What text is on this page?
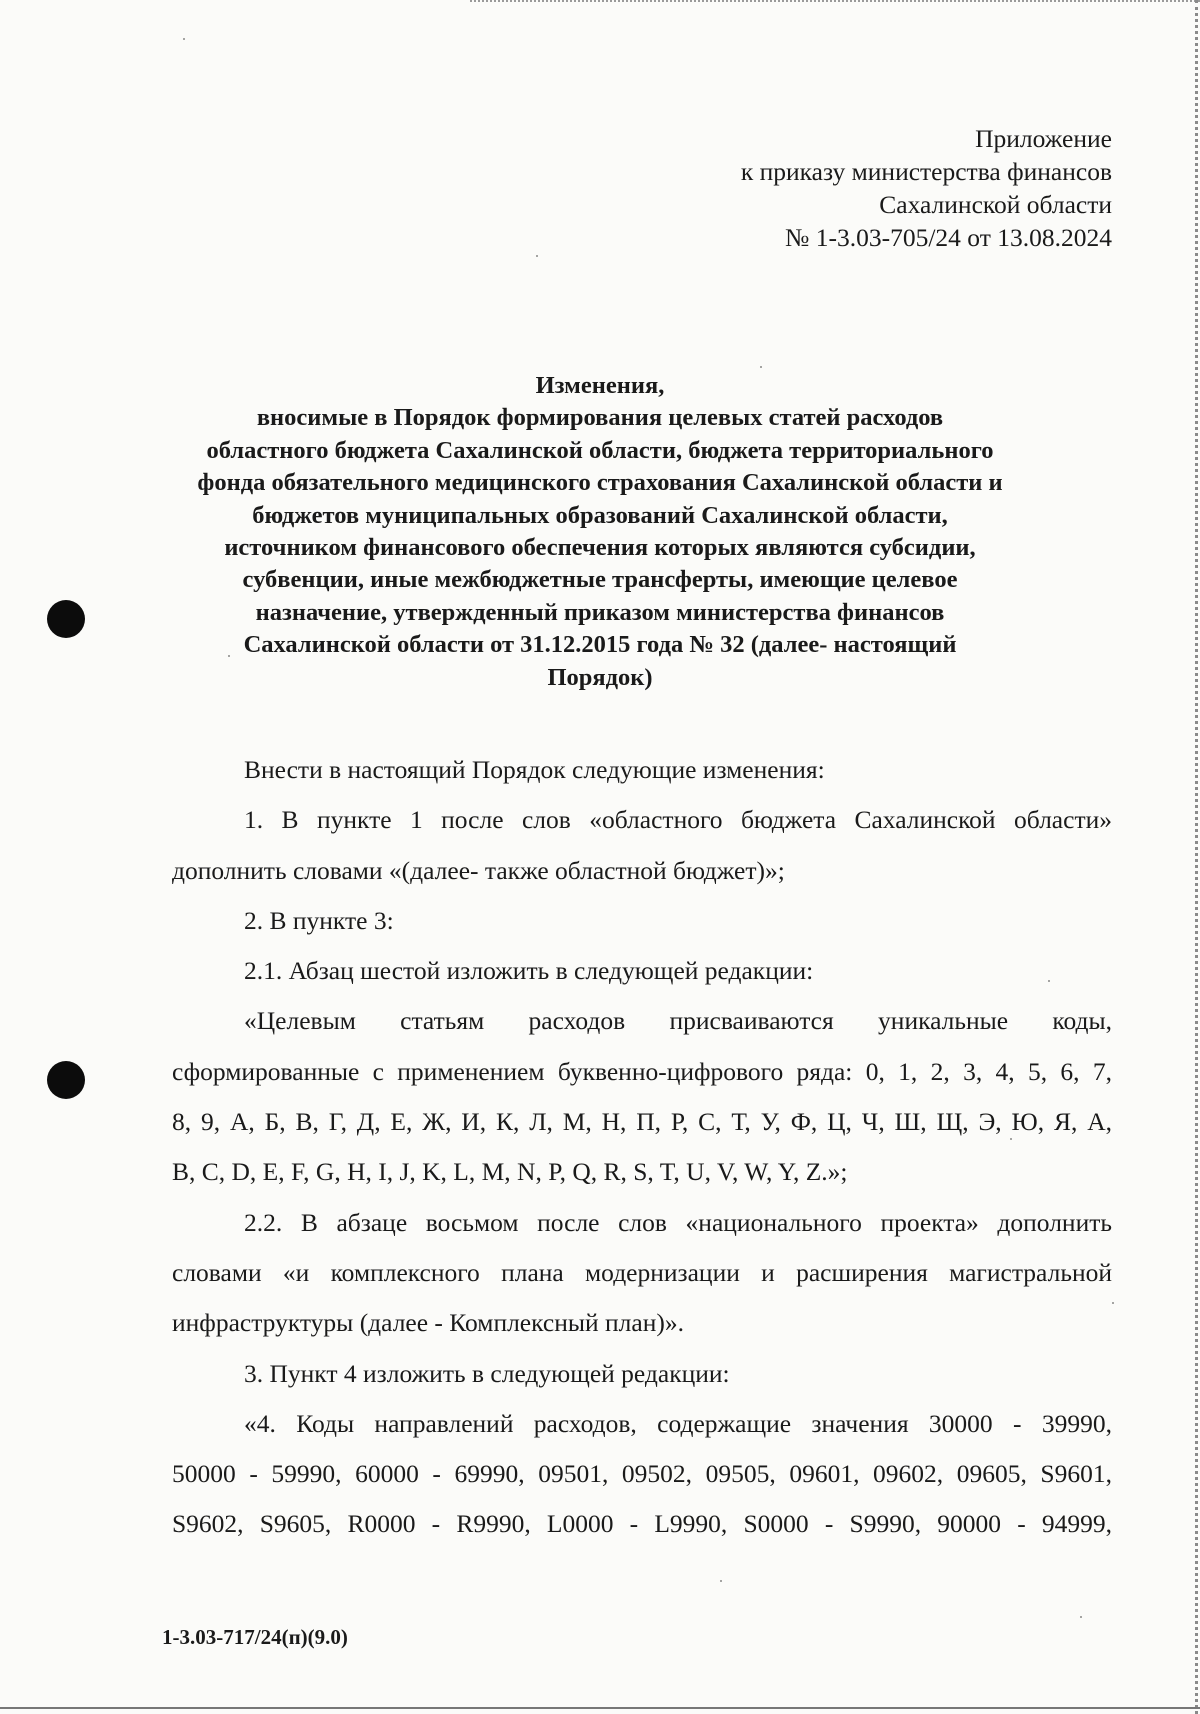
Приложение
к приказу министерства финансов
Сахалинской области
№ 1-3.03-705/24 от 13.08.2024
Изменения,
вносимые в Порядок формирования целевых статей расходов
областного бюджета Сахалинской области, бюджета территориального
фонда обязательного медицинского страхования Сахалинской области и
бюджетов муниципальных образований Сахалинской области,
источником финансового обеспечения которых являются субсидии,
субвенции, иные межбюджетные трансферты, имеющие целевое
назначение, утвержденный приказом министерства финансов
Сахалинской области от 31.12.2015 года № 32 (далее- настоящий
Порядок)
Внести в настоящий Порядок следующие изменения:
1. В пункте 1 после слов «областного бюджета Сахалинской области»
дополнить словами «(далее- также областной бюджет)»;
2. В пункте 3:
2.1. Абзац шестой изложить в следующей редакции:
«Целевым статьям расходов присваиваются уникальные коды,
сформированные с применением буквенно-цифрового ряда: 0, 1, 2, 3, 4, 5, 6, 7,
8, 9, А, Б, В, Г, Д, Е, Ж, И, К, Л, М, Н, П, Р, С, Т, У, Ф, Ц, Ч, Ш, Щ, Э, Ю, Я, A,
B, C, D, E, F, G, H, I, J, K, L, M, N, P, Q, R, S, T, U, V, W, Y, Z.»;
2.2. В абзаце восьмом после слов «национального проекта» дополнить
словами «и комплексного плана модернизации и расширения магистральной
инфраструктуры (далее - Комплексный план)».
3. Пункт 4 изложить в следующей редакции:
«4. Коды направлений расходов, содержащие значения 30000 - 39990,
50000 - 59990, 60000 - 69990, 09501, 09502, 09505, 09601, 09602, 09605, S9601,
S9602, S9605, R0000 - R9990, L0000 - L9990, S0000 - S9990, 90000 - 94999,
1-3.03-717/24(п)(9.0)
